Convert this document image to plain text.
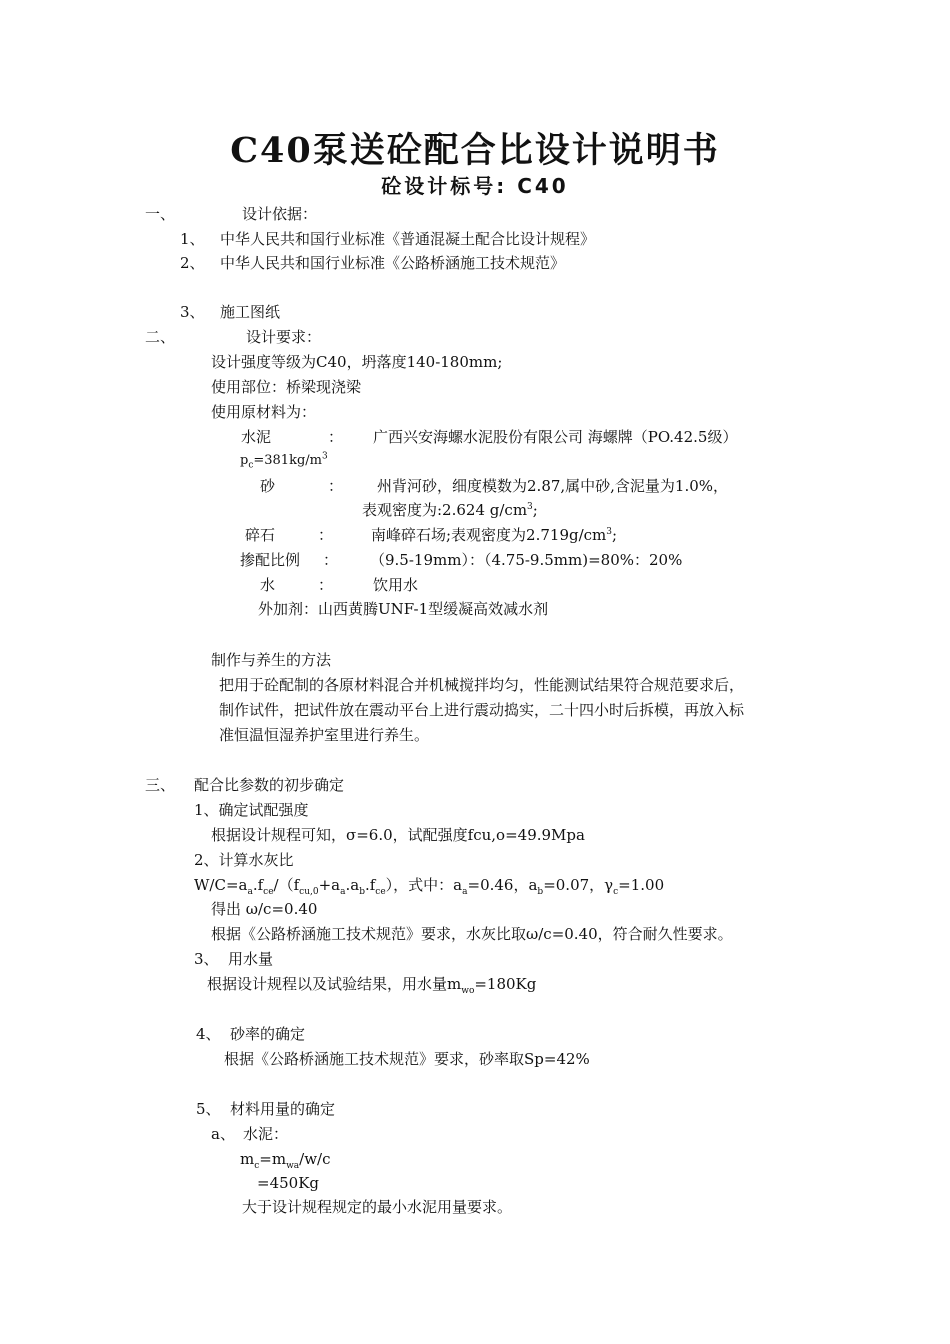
C40泵送砼配合比设计说明书
砼设计标号: C40
一、	设计依据：
1、 中华人民共和国行业标准《普通混凝土配合比设计规程》
2、 中华人民共和国行业标准《公路桥涵施工技术规范》
3、 施工图纸
二、	设计要求：
设计强度等级为C40，坍落度140-180mm;
使用部位：桥梁现浇梁
使用原材料为：
水泥	： 广西兴安海螺水泥股份有限公司 海螺牌（PO.42.5级）
$p_c=381kg/m^3$
砂	： 州背河砂，细度模数为2.87,属中砂,含泥量为1.0%，
表观密度为:2.624 $g/cm^3$;
碎石	：	南峰碎石场;表观密度为$2.719g/cm^3$;
掺配比例 ： （9.5-19mm）：（4.75-9.5mm)=80%：20%
水	：	饮用水
外加剂：山西黄腾UNF-1型缓凝高效减水剂
制作与养生的方法
把用于砼配制的各原材料混合并机械搅拌均匀，性能测试结果符合规范要求后，
制作试件，把试件放在震动平台上进行震动捣实，二十四小时后拆模，再放入标
准恒温恒湿养护室里进行养生。
三、 配合比参数的初步确定
1、确定试配强度
根据设计规程可知，σ=6.0，试配强度fcu,ο=49.9Mpa
2、计算水灰比
$W/C=a_a.f_{ce}/(f_{cu,0}+a_a.a_b.f_{ce})$，式中：$a_a=0.46$，$a_b=0.07$，$\gamma_c=1.00$
得出 ω/c=0.40
根据《公路桥涵施工技术规范》要求，水灰比取ω/c=0.40，符合耐久性要求。
3、 用水量
根据设计规程以及试验结果，用水量$m_{wo}=180Kg$
4、 砂率的确定
根据《公路桥涵施工技术规范》要求，砂率取Sp=42%
5、 材料用量的确定
a、 水泥：
$m_c=m_{wa}/w/c$
=450Kg
大于设计规程规定的最小水泥用量要求。
